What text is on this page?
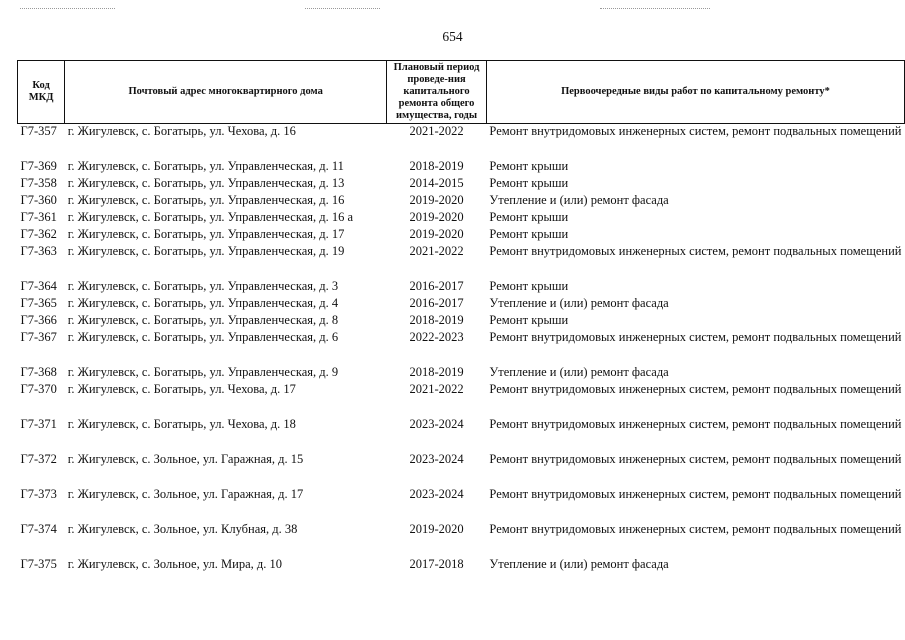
654
Код МКД	Почтовый адрес многоквартирного дома	Плановый период проведе-ния капитального ремонта общего имущества, годы	Первоочередные виды работ по капитальному ремонту*
Г7-357	г. Жигулевск, с. Богатырь, ул. Чехова, д. 16	2021-2022	Ремонт внутридомовых инженерных систем, ремонт подвальных помещений
Г7-369	г. Жигулевск, с. Богатырь, ул. Управленческая, д. 11	2018-2019	Ремонт крыши
Г7-358	г. Жигулевск, с. Богатырь, ул. Управленческая, д. 13	2014-2015	Ремонт крыши
Г7-360	г. Жигулевск, с. Богатырь, ул. Управленческая, д. 16	2019-2020	Утепление и (или) ремонт фасада
Г7-361	г. Жигулевск, с. Богатырь, ул. Управленческая, д. 16 а	2019-2020	Ремонт крыши
Г7-362	г. Жигулевск, с. Богатырь, ул. Управленческая, д. 17	2019-2020	Ремонт крыши
Г7-363	г. Жигулевск, с. Богатырь, ул. Управленческая, д. 19	2021-2022	Ремонт внутридомовых инженерных систем, ремонт подвальных помещений
Г7-364	г. Жигулевск, с. Богатырь, ул. Управленческая, д. 3	2016-2017	Ремонт крыши
Г7-365	г. Жигулевск, с. Богатырь, ул. Управленческая, д. 4	2016-2017	Утепление и (или) ремонт фасада
Г7-366	г. Жигулевск, с. Богатырь, ул. Управленческая, д. 8	2018-2019	Ремонт крыши
Г7-367	г. Жигулевск, с. Богатырь, ул. Управленческая, д. 6	2022-2023	Ремонт внутридомовых инженерных систем, ремонт подвальных помещений
Г7-368	г. Жигулевск, с. Богатырь, ул. Управленческая, д. 9	2018-2019	Утепление и (или) ремонт фасада
Г7-370	г. Жигулевск, с. Богатырь, ул. Чехова, д. 17	2021-2022	Ремонт внутридомовых инженерных систем, ремонт подвальных помещений
Г7-371	г. Жигулевск, с. Богатырь, ул. Чехова, д. 18	2023-2024	Ремонт внутридомовых инженерных систем, ремонт подвальных помещений
Г7-372	г. Жигулевск, с. Зольное, ул. Гаражная, д. 15	2023-2024	Ремонт внутридомовых инженерных систем, ремонт подвальных помещений
Г7-373	г. Жигулевск, с. Зольное, ул. Гаражная, д. 17	2023-2024	Ремонт внутридомовых инженерных систем, ремонт подвальных помещений
Г7-374	г. Жигулевск, с. Зольное, ул. Клубная, д. 38	2019-2020	Ремонт внутридомовых инженерных систем, ремонт подвальных помещений
Г7-375	г. Жигулевск, с. Зольное, ул. Мира, д. 10	2017-2018	Утепление и (или) ремонт фасада
